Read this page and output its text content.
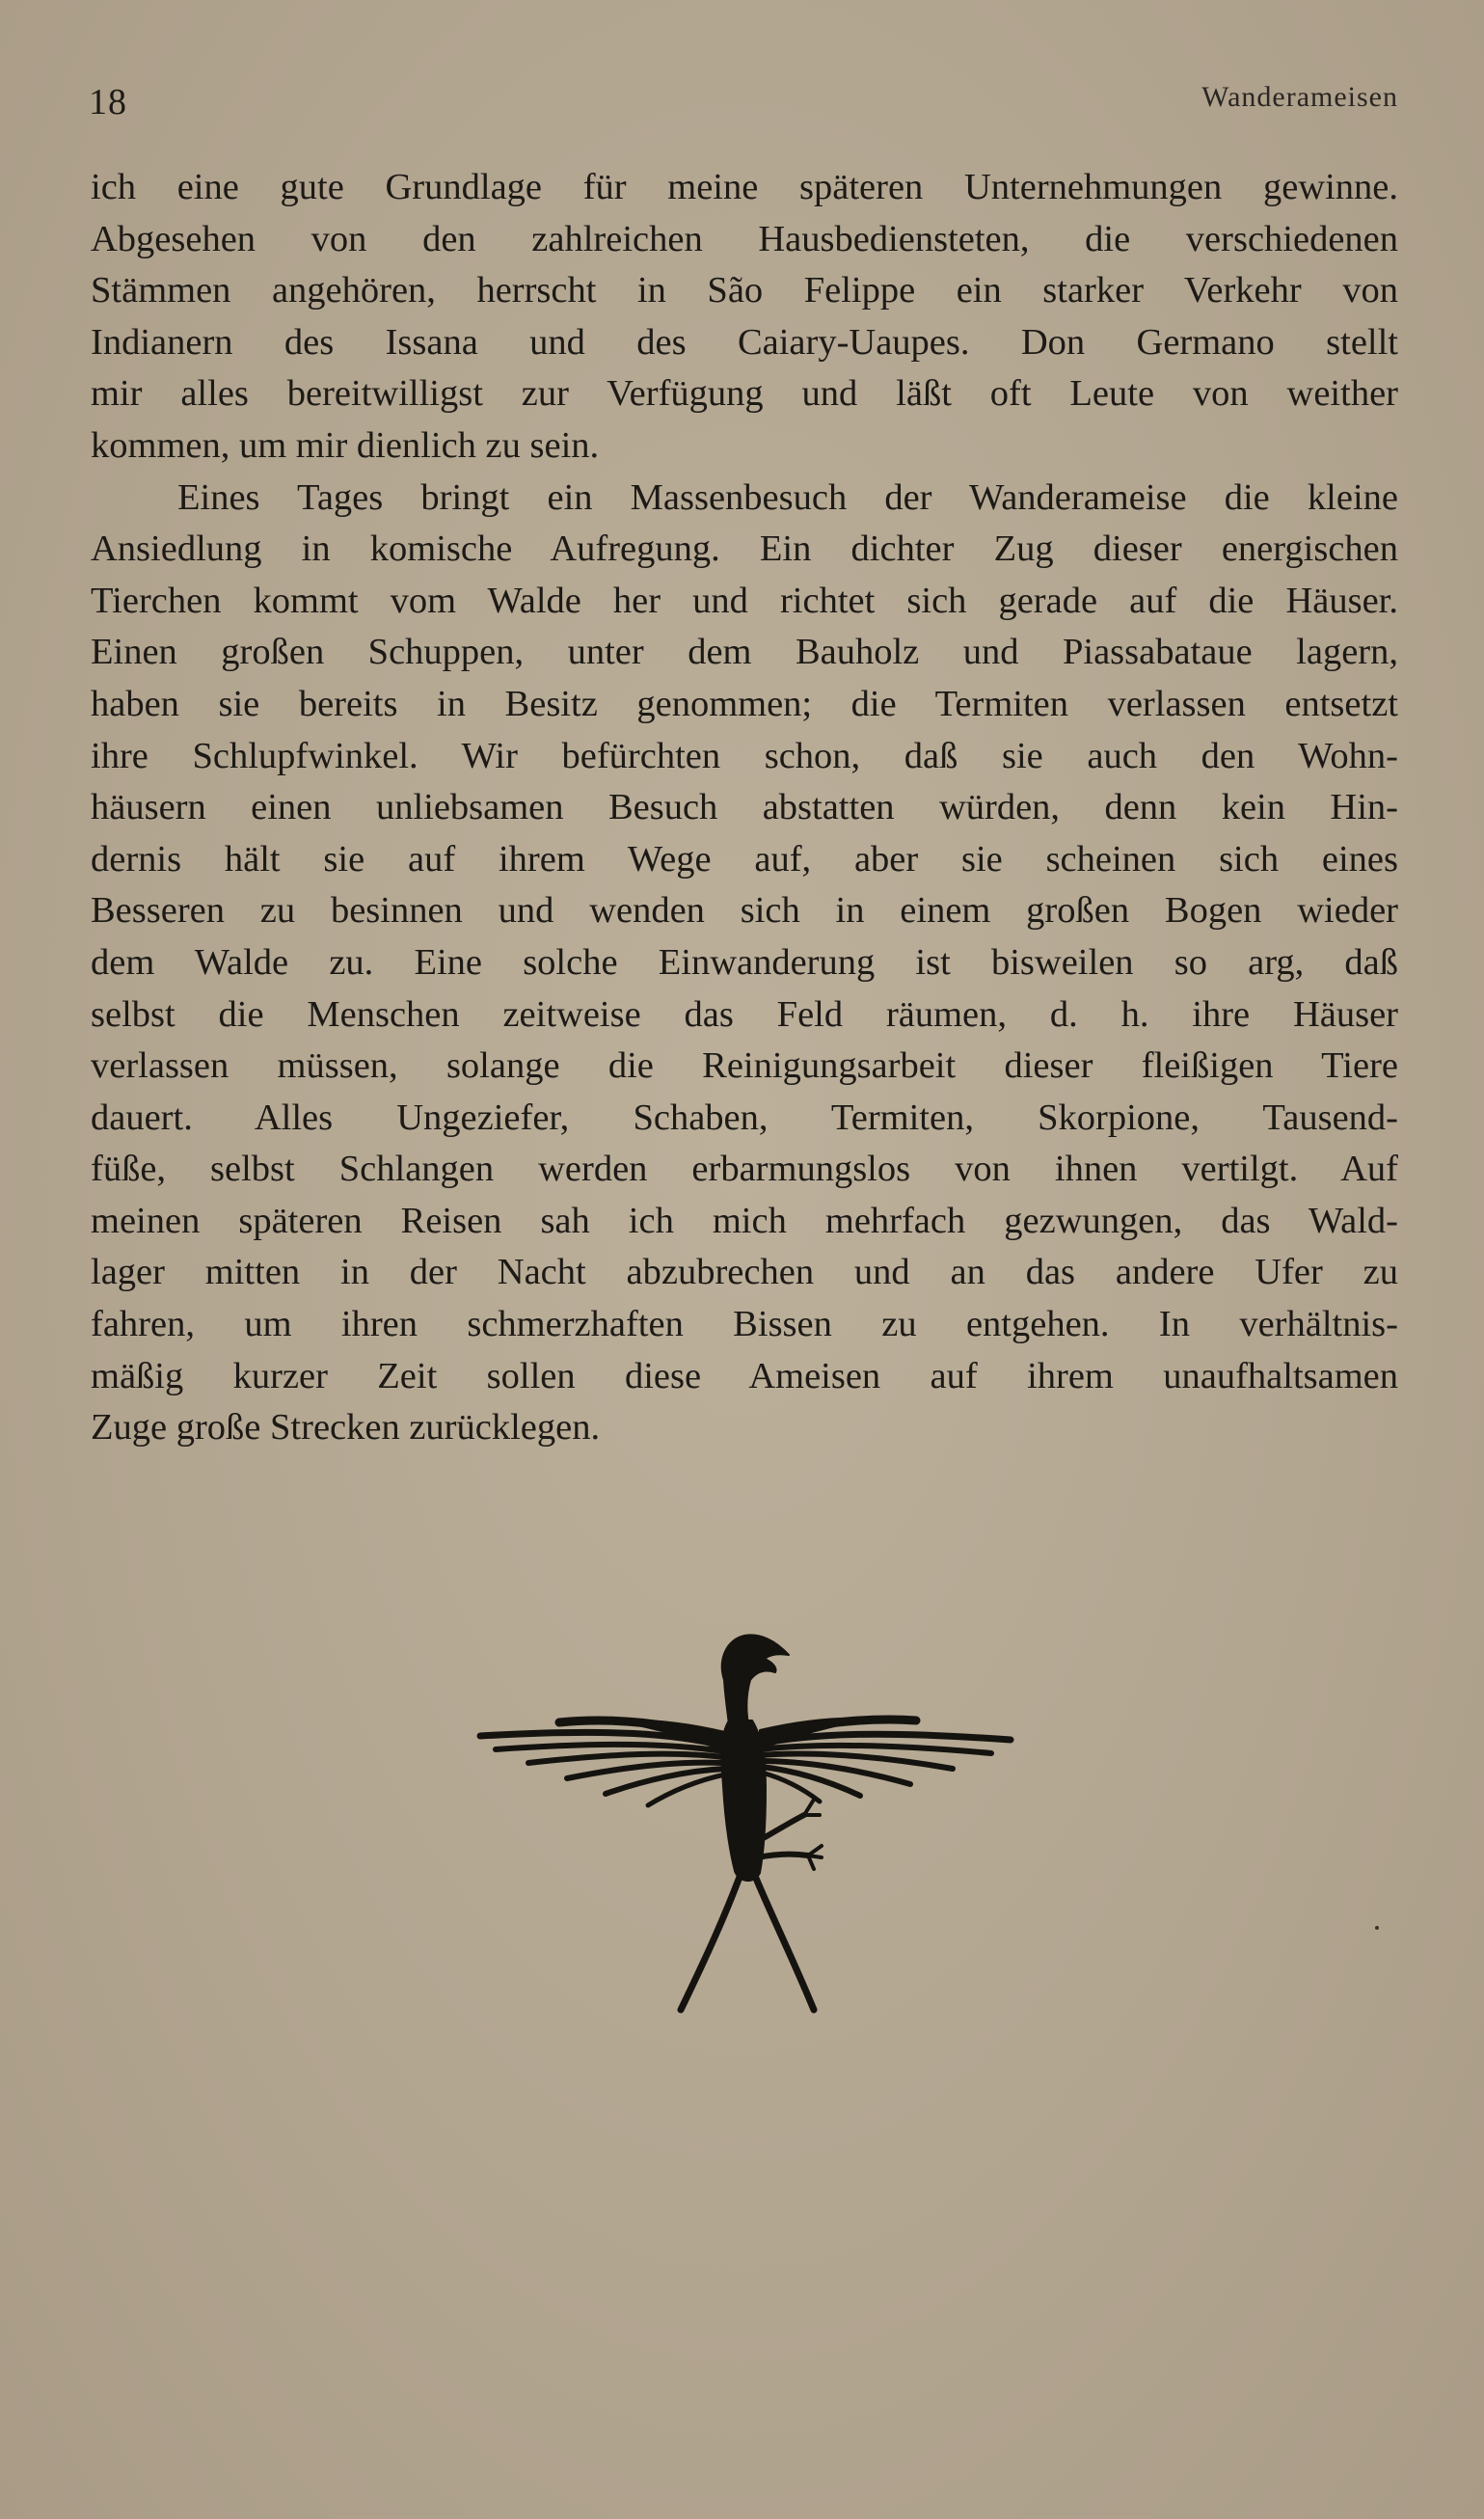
18	Wanderameisen
ich eine gute Grundlage für meine späteren Unternehmungen gewinne.
Abgesehen von den zahlreichen Hausbediensteten, die verschiedenen
Stämmen angehören, herrscht in São Felippe ein starker Verkehr von
Indianern des Issana und des Caiary-Uaupes. Don Germano stellt
mir alles bereitwilligst zur Verfügung und läßt oft Leute von weither
kommen, um mir dienlich zu sein.
Eines Tages bringt ein Massenbesuch der Wanderameise die kleine
Ansiedlung in komische Aufregung. Ein dichter Zug dieser energischen
Tierchen kommt vom Walde her und richtet sich gerade auf die Häuser.
Einen großen Schuppen, unter dem Bauholz und Piassabataue lagern,
haben sie bereits in Besitz genommen; die Termiten verlassen entsetzt
ihre Schlupfwinkel. Wir befürchten schon, daß sie auch den Wohn-
häusern einen unliebsamen Besuch abstatten würden, denn kein Hin-
dernis hält sie auf ihrem Wege auf, aber sie scheinen sich eines
Besseren zu besinnen und wenden sich in einem großen Bogen wieder
dem Walde zu. Eine solche Einwanderung ist bisweilen so arg, daß
selbst die Menschen zeitweise das Feld räumen, d. h. ihre Häuser
verlassen müssen, solange die Reinigungsarbeit dieser fleißigen Tiere
dauert. Alles Ungeziefer, Schaben, Termiten, Skorpione, Tausend-
füße, selbst Schlangen werden erbarmungslos von ihnen vertilgt. Auf
meinen späteren Reisen sah ich mich mehrfach gezwungen, das Wald-
lager mitten in der Nacht abzubrechen und an das andere Ufer zu
fahren, um ihren schmerzhaften Bissen zu entgehen. In verhältnis-
mäßig kurzer Zeit sollen diese Ameisen auf ihrem unaufhaltsamen
Zuge große Strecken zurücklegen.
